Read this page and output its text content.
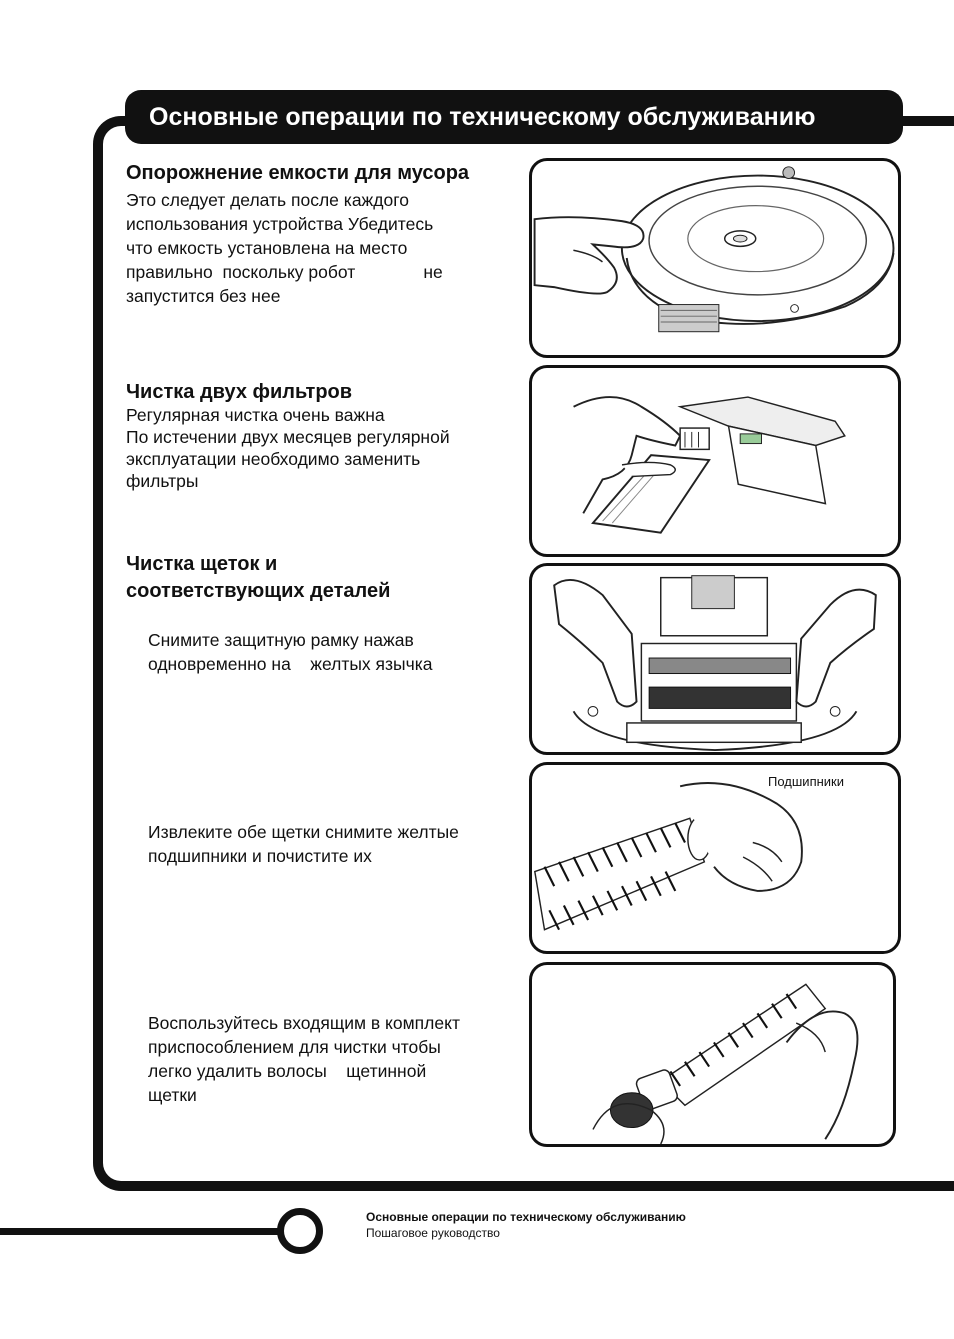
Основные операции по техническому обслуживанию
Опорожнение емкости для мусора
Это следует делать после каждого
использования устройства Убедитесь
что емкость установлена на место
правильно  поскольку робот              не
запустится без нее
Чистка двух фильтров
Регулярная чистка очень важна
По истечении двух месяцев регулярной
эксплуатации необходимо заменить
фильтры
Чистка щеток и
соответствующих деталей
Снимите защитную рамку нажав
одновременно на    желтых язычка
Извлеките обе щетки снимите желтые
подшипники и почистите их
Воспользуйтесь входящим в комплект
приспособлением для чистки чтобы
легко удалить волосы    щетинной
щетки
Подшипники
Основные операции по техническому обслуживанию
Пошаговое руководство
